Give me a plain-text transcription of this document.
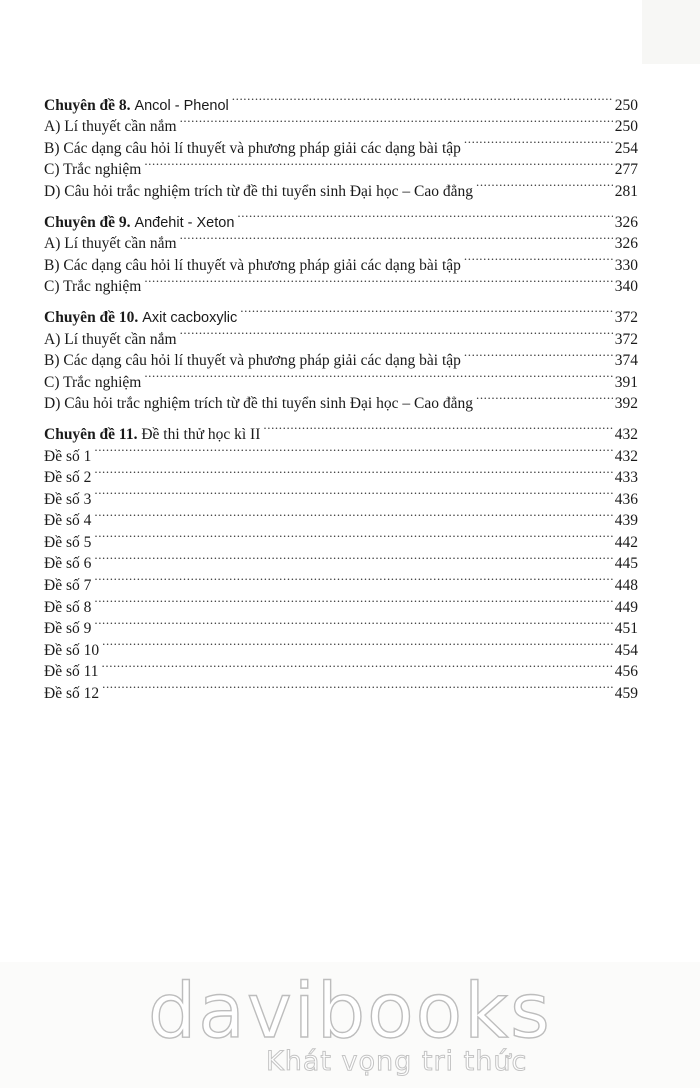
Chuyên đề 8. Ancol - Phenol .....	250
A) Lí thuyết cần nắm .....	250
B) Các dạng câu hỏi lí thuyết và phương pháp giải các dạng bài tập .....	254
C) Trắc nghiệm .....	277
D) Câu hỏi trắc nghiệm trích từ đề thi tuyển sinh Đại học – Cao đẳng .....	281
Chuyên đề 9. Anđehit - Xeton .....	326
A) Lí thuyết cần nắm .....	326
B) Các dạng câu hỏi lí thuyết và phương pháp giải các dạng bài tập .....	330
C) Trắc nghiệm .....	340
Chuyên đề 10. Axit cacboxylic .....	372
A) Lí thuyết cần nắm .....	372
B) Các dạng câu hỏi lí thuyết và phương pháp giải các dạng bài tập .....	374
C) Trắc nghiệm .....	391
D) Câu hỏi trắc nghiệm trích từ đề thi tuyển sinh Đại học – Cao đẳng .....	392
Chuyên đề 11. Đề thi thử học kì II .....	432
Đề số 1 .....	432
Đề số 2 .....	433
Đề số 3 .....	436
Đề số 4 .....	439
Đề số 5 .....	442
Đề số 6 .....	445
Đề số 7 .....	448
Đề số 8 .....	449
Đề số 9 .....	451
Đề số 10 .....	454
Đề số 11 .....	456
Đề số 12 .....	459
davibooks
Khát vọng tri thức
